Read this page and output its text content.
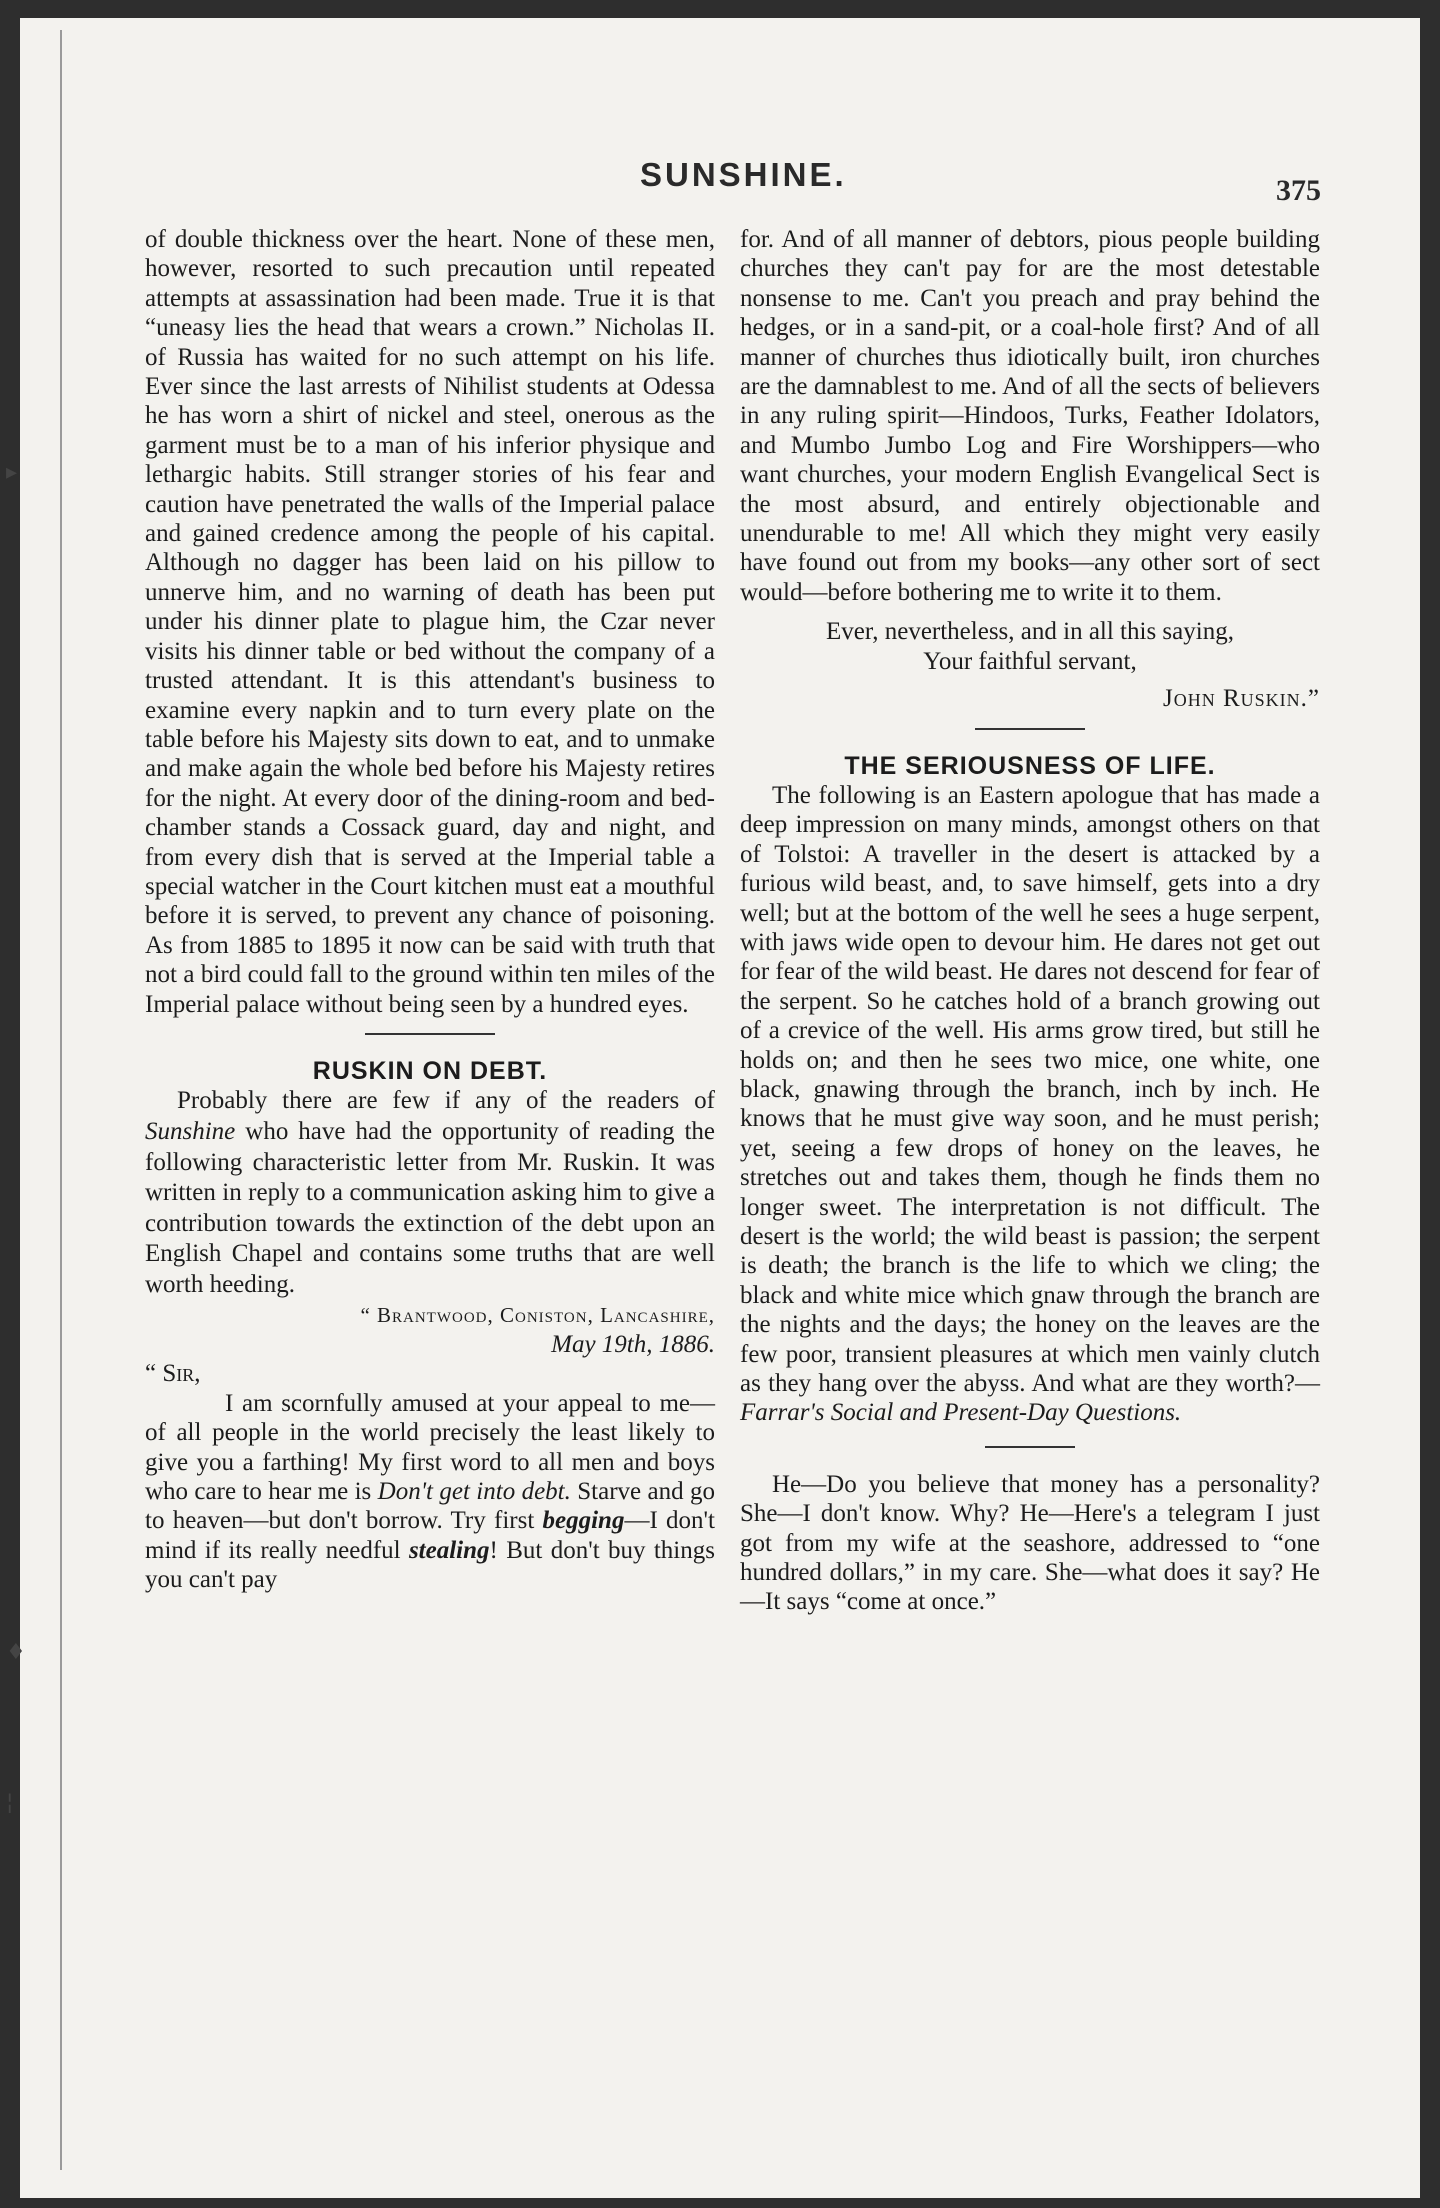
▸
♦
¦
SUNSHINE.	375

of double thickness over the heart. None of these men, however, resorted to such precaution until repeated attempts at assassination had been made. True it is that “uneasy lies the head that wears a crown.” Nicholas II. of Russia has waited for no such attempt on his life. Ever since the last arrests of Nihilist students at Odessa he has worn a shirt of nickel and steel, onerous as the garment must be to a man of his inferior physique and lethargic habits. Still stranger stories of his fear and caution have penetrated the walls of the Imperial palace and gained credence among the people of his capital. Although no dagger has been laid on his pillow to unnerve him, and no warning of death has been put under his dinner plate to plague him, the Czar never visits his dinner table or bed without the company of a trusted attendant. It is this attendant's business to examine every napkin and to turn every plate on the table before his Majesty sits down to eat, and to unmake and make again the whole bed before his Majesty retires for the night. At every door of the dining-room and bed-chamber stands a Cossack guard, day and night, and from every dish that is served at the Imperial table a special watcher in the Court kitchen must eat a mouthful before it is served, to prevent any chance of poisoning. As from 1885 to 1895 it now can be said with truth that not a bird could fall to the ground within ten miles of the Imperial palace without being seen by a hundred eyes.

RUSKIN ON DEBT.

Probably there are few if any of the readers of Sunshine who have had the opportunity of reading the following characteristic letter from Mr. Ruskin. It was written in reply to a communication asking him to give a contribution towards the extinction of the debt upon an English Chapel and contains some truths that are well worth heeding.

“ Brantwood, Coniston, Lancashire,

May 19th, 1886.

“ Sir,

I am scornfully amused at your appeal to me—of all people in the world precisely the least likely to give you a farthing! My first word to all men and boys who care to hear me is Don't get into debt. Starve and go to heaven—but don't borrow. Try first begging—I don't mind if its really needful stealing! But don't buy things you can't pay

for. And of all manner of debtors, pious people building churches they can't pay for are the most detestable nonsense to me. Can't you preach and pray behind the hedges, or in a sand-pit, or a coal-hole first? And of all manner of churches thus idiotically built, iron churches are the damnablest to me. And of all the sects of believers in any ruling spirit—Hindoos, Turks, Feather Idolators, and Mumbo Jumbo Log and Fire Worshippers—who want churches, your modern English Evangelical Sect is the most absurd, and entirely objectionable and unendurable to me! All which they might very easily have found out from my books—any other sort of sect would—before bothering me to write it to them.

Ever, nevertheless, and in all this saying,

Your faithful servant,

John Ruskin.”

THE SERIOUSNESS OF LIFE.

The following is an Eastern apologue that has made a deep impression on many minds, amongst others on that of Tolstoi: A traveller in the desert is attacked by a furious wild beast, and, to save himself, gets into a dry well; but at the bottom of the well he sees a huge serpent, with jaws wide open to devour him. He dares not get out for fear of the wild beast. He dares not descend for fear of the serpent. So he catches hold of a branch growing out of a crevice of the well. His arms grow tired, but still he holds on; and then he sees two mice, one white, one black, gnawing through the branch, inch by inch. He knows that he must give way soon, and he must perish; yet, seeing a few drops of honey on the leaves, he stretches out and takes them, though he finds them no longer sweet. The interpretation is not difficult. The desert is the world; the wild beast is passion; the serpent is death; the branch is the life to which we cling; the black and white mice which gnaw through the branch are the nights and the days; the honey on the leaves are the few poor, transient pleasures at which men vainly clutch as they hang over the abyss. And what are they worth?—Farrar's Social and Present-Day Questions.

He—Do you believe that money has a personality? She—I don't know. Why? He—Here's a telegram I just got from my wife at the seashore, addressed to “one hundred dollars,” in my care. She—what does it say? He—It says “come at once.”
